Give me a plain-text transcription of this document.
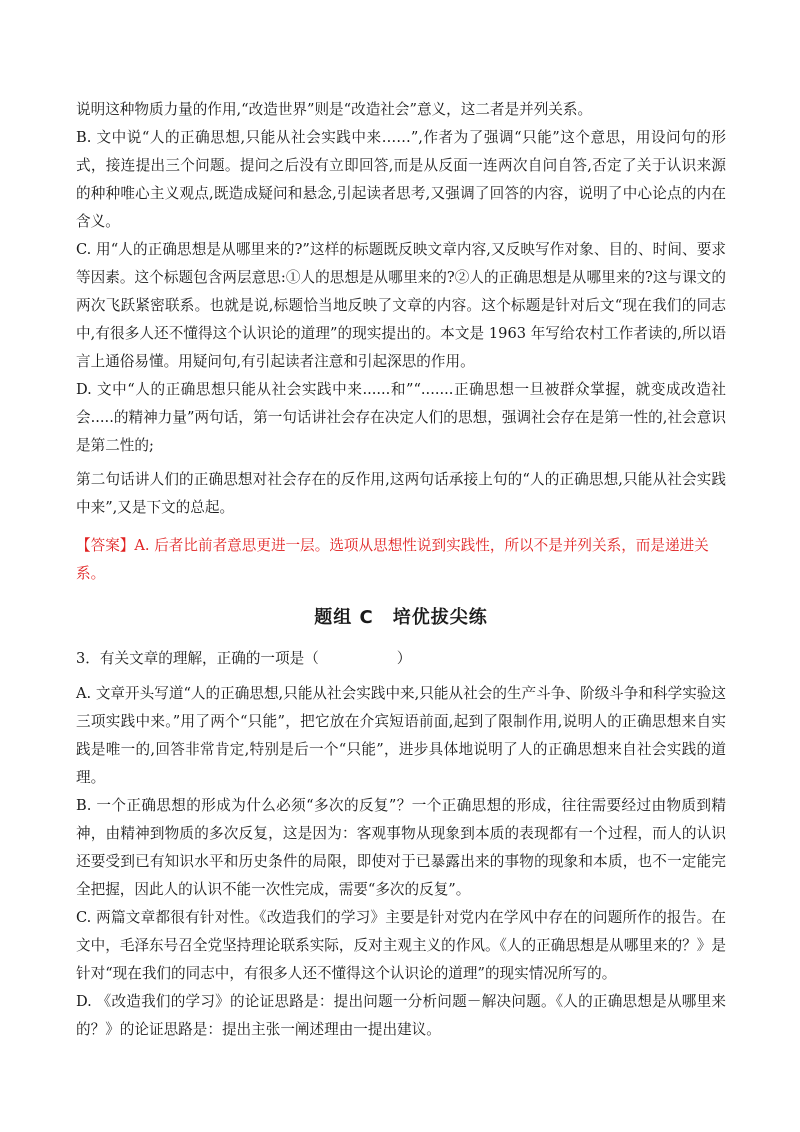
说明这种物质力量的作用,“改造世界”则是“改造社会”意义，这二者是并列关系。

B. 文中说“人的正确思想,只能从社会实践中来……”,作者为了强调“只能”这个意思，用设问句的形式，接连提出三个问题。提问之后没有立即回答,而是从反面一连两次自问自答,否定了关于认识来源的种种唯心主义观点,既造成疑问和悬念,引起读者思考,又强调了回答的内容，说明了中心论点的内在含义。

C. 用“人的正确思想是从哪里来的?”这样的标题既反映文章内容,又反映写作对象、目的、时间、要求等因素。这个标题包含两层意思:①人的思想是从哪里来的?②人的正确思想是从哪里来的?这与课文的两次飞跃紧密联系。也就是说,标题恰当地反映了文章的内容。这个标题是针对后文“现在我们的同志中,有很多人还不懂得这个认识论的道理”的现实提出的。本文是 1963 年写给农村工作者读的,所以语言上通俗易懂。用疑问句,有引起读者注意和引起深思的作用。

D. 文中“人的正确思想只能从社会实践中来......和”“.......正确思想一旦被群众掌握，就变成改造社会.....的精神力量”两句话，第一句话讲社会存在决定人们的思想，强调社会存在是第一性的,社会意识是第二性的;

第二句话讲人们的正确思想对社会存在的反作用,这两句话承接上句的“人的正确思想,只能从社会实践中来”,又是下文的总起。

【答案】A. 后者比前者意思更进一层。选项从思想性说到实践性，所以不是并列关系，而是递进关系。

题组 C　培优拔尖练

3．有关文章的理解，正确的一项是（	）

A. 文章开头写道“人的正确思想,只能从社会实践中来,只能从社会的生产斗争、阶级斗争和科学实验这三项实践中来。”用了两个“只能”，把它放在介宾短语前面,起到了限制作用,说明人的正确思想来自实践是唯一的,回答非常肯定,特别是后一个“只能”，进步具体地说明了人的正确思想来自社会实践的道理。

B. 一个正确思想的形成为什么必须“多次的反复”？一个正确思想的形成，往往需要经过由物质到精神，由精神到物质的多次反复，这是因为：客观事物从现象到本质的表现都有一个过程，而人的认识还要受到已有知识水平和历史条件的局限，即使对于已暴露出来的事物的现象和本质，也不一定能完全把握，因此人的认识不能一次性完成，需要“多次的反复”。

C. 两篇文章都很有针对性。《改造我们的学习》主要是针对党内在学风中存在的问题所作的报告。在文中，毛泽东号召全党坚持理论联系实际，反对主观主义的作风。《人的正确思想是从哪里来的？》是针对“现在我们的同志中，有很多人还不懂得这个认识论的道理”的现实情况所写的。

D. 《改造我们的学习》的论证思路是：提出问题一分析问题－解决问题。《人的正确思想是从哪里来的？》的论证思路是：提出主张一阐述理由一提出建议。
